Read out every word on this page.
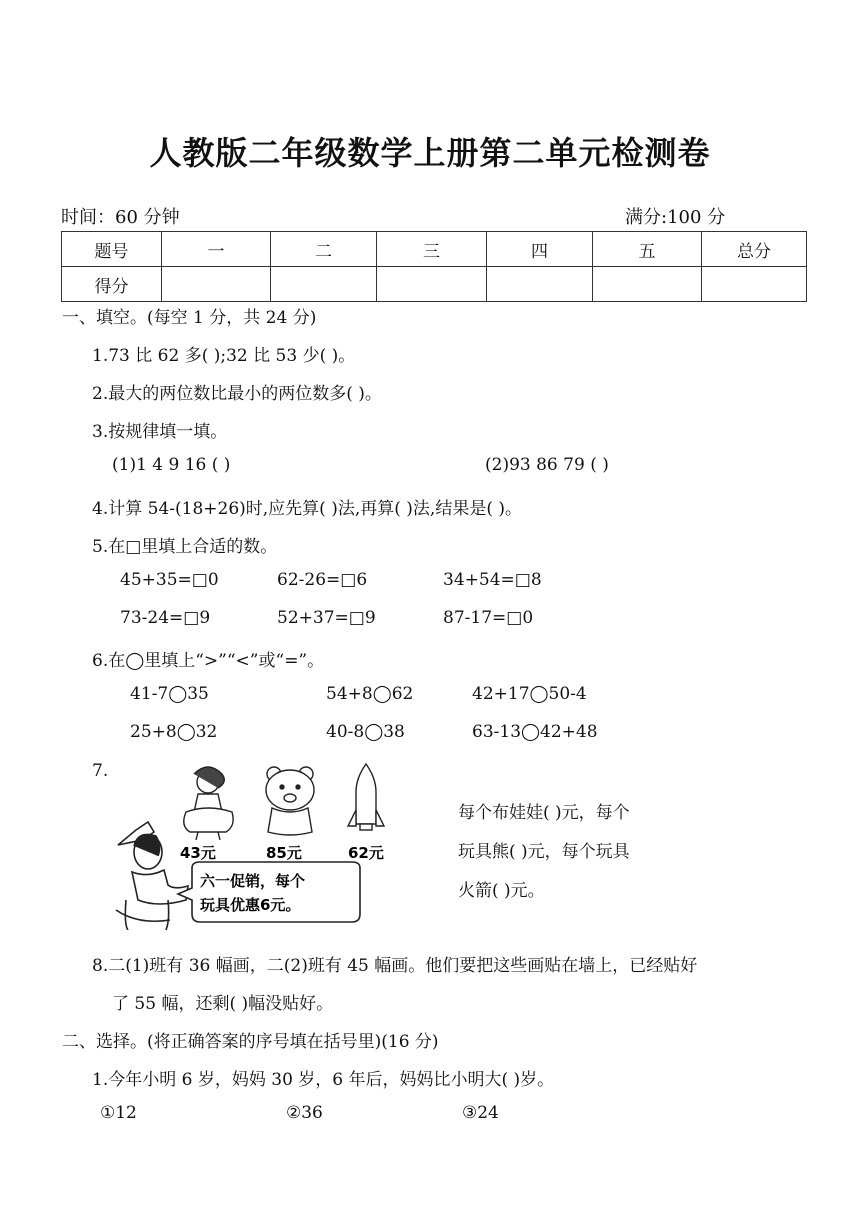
人教版二年级数学上册第二单元检测卷
时间：60 分钟	满分:100 分
题号	一	二	三	四	五	总分
得分						
一、填空。(每空 1 分，共 24 分)
1.73 比 62 多( );32 比 53 少( )。
2.最大的两位数比最小的两位数多( )。
3.按规律填一填。
(1)1 4 9 16 ( )	(2)93 86 79 ( )
4.计算 54-(18+26)时,应先算( )法,再算( )法,结果是( )。
5.在□里填上合适的数。
45+35=□0	62-26=□6	34+54=□8
73-24=□9	52+37=□9	87-17=□0
6.在◯里填上“>”“<”或“=”。
41-7◯35	54+8◯62	42+17◯50-4
25+8◯32	40-8◯38	63-13◯42+48
7.
43元	85元	62元
六一促销，每个
玩具优惠6元。
每个布娃娃( )元，每个
玩具熊( )元，每个玩具
火箭( )元。
8.二(1)班有 36 幅画，二(2)班有 45 幅画。他们要把这些画贴在墙上，已经贴好
了 55 幅，还剩( )幅没贴好。
二、选择。(将正确答案的序号填在括号里)(16 分)
1.今年小明 6 岁，妈妈 30 岁，6 年后，妈妈比小明大( )岁。
①12	②36	③24
